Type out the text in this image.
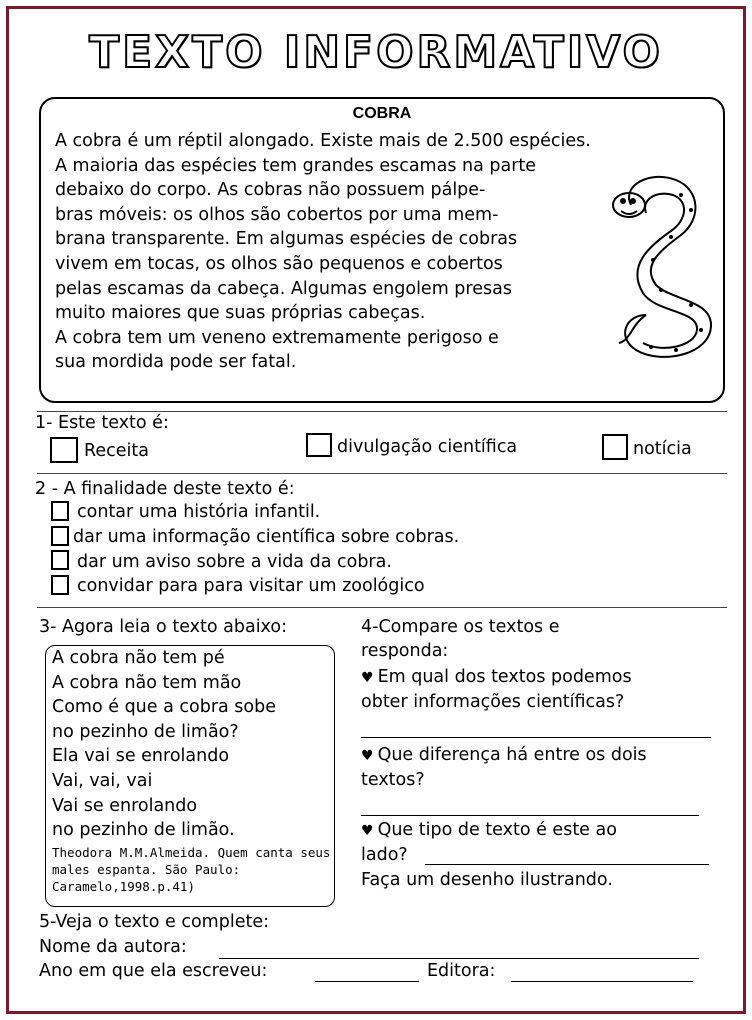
TEXTO INFORMATIVO
COBRA
A cobra é um réptil alongado. Existe mais de 2.500 espécies.
A maioria das espécies tem grandes escamas na parte
debaixo do corpo. As cobras não possuem pálpe-
bras móveis: os olhos são cobertos por uma mem-
brana transparente. Em algumas espécies de cobras
vivem em tocas, os olhos são pequenos e cobertos
pelas escamas da cabeça. Algumas engolem presas
muito maiores que suas próprias cabeças.
A cobra tem um veneno extremamente perigoso e
sua mordida pode ser fatal.
1- Este texto é:
Receita	divulgação científica	notícia
2 - A finalidade deste texto é:
contar uma história infantil.
dar uma informação científica sobre cobras.
dar um aviso sobre a vida da cobra.
convidar para para visitar um zoológico
3- Agora leia o texto abaixo:
A cobra não tem pé
A cobra não tem mão
Como é que a cobra sobe
no pezinho de limão?
Ela vai se enrolando
Vai, vai, vai
Vai se enrolando
no pezinho de limão.
Theodora M.M.Almeida. Quem canta seus males espanta. São Paulo: Caramelo,1998.p.41)
4-Compare os textos e
responda:
♥ Em qual dos textos podemos
obter informações científicas?
♥ Que diferença há entre os dois
textos?
♥ Que tipo de texto é este ao
lado?
Faça um desenho ilustrando.
5-Veja o texto e complete:
Nome da autora:
Ano em que ela escreveu:	Editora:
